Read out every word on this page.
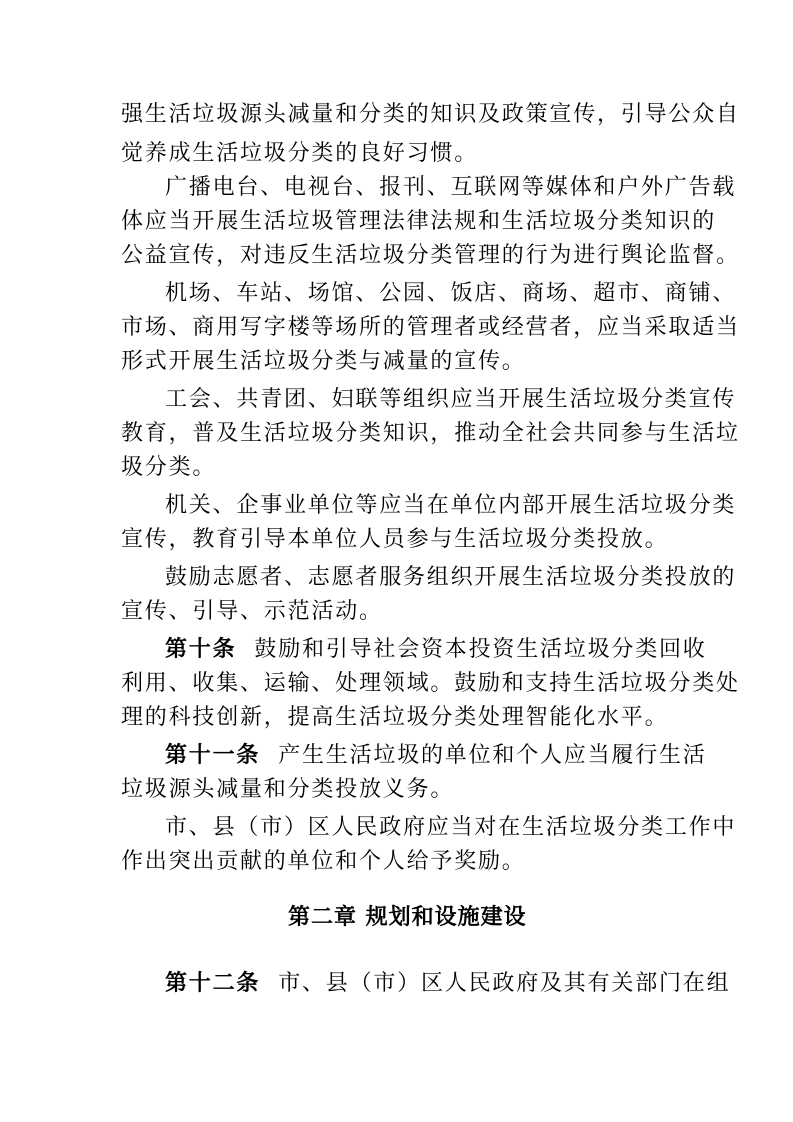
强生活垃圾源头减量和分类的知识及政策宣传，引导公众自
觉养成生活垃圾分类的良好习惯。
广播电台、电视台、报刊、互联网等媒体和户外广告载
体应当开展生活垃圾管理法律法规和生活垃圾分类知识的
公益宣传，对违反生活垃圾分类管理的行为进行舆论监督。
机场、车站、场馆、公园、饭店、商场、超市、商铺、
市场、商用写字楼等场所的管理者或经营者，应当采取适当
形式开展生活垃圾分类与减量的宣传。
工会、共青团、妇联等组织应当开展生活垃圾分类宣传
教育，普及生活垃圾分类知识，推动全社会共同参与生活垃
圾分类。
机关、企事业单位等应当在单位内部开展生活垃圾分类
宣传，教育引导本单位人员参与生活垃圾分类投放。
鼓励志愿者、志愿者服务组织开展生活垃圾分类投放的
宣传、引导、示范活动。
第十条 鼓励和引导社会资本投资生活垃圾分类回收
利用、收集、运输、处理领域。鼓励和支持生活垃圾分类处
理的科技创新，提高生活垃圾分类处理智能化水平。
第十一条 产生生活垃圾的单位和个人应当履行生活
垃圾源头减量和分类投放义务。
市、县（市）区人民政府应当对在生活垃圾分类工作中
作出突出贡献的单位和个人给予奖励。
第二章 规划和设施建设
第十二条 市、县（市）区人民政府及其有关部门在组
